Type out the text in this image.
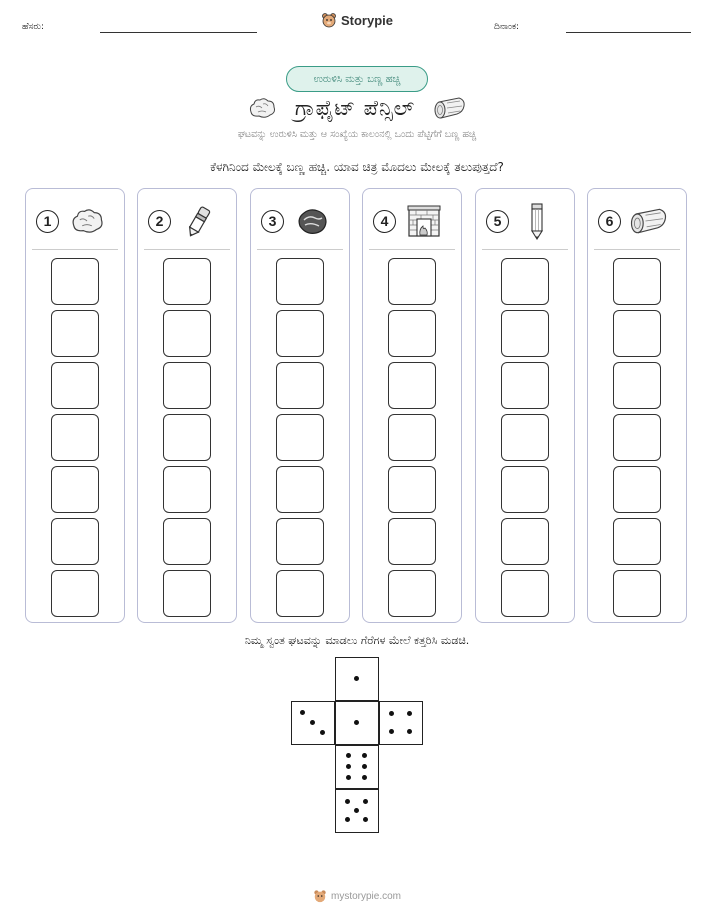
ಹೆಸರು:	Storypie	ದಿನಾಂಕ:
ಉರುಳಿಸಿ ಮತ್ತು ಬಣ್ಣ ಹಚ್ಚಿ
ಗ್ರಾಫೈಟ್ ಪೆನ್ಸಿಲ್
ಘಟವನ್ನು ಉರುಳಿಸಿ ಮತ್ತು ಆ ಸಂಖ್ಯೆಯ ಕಾಲಂನಲ್ಲಿ ಒಂದು ಪೆಟ್ಟಿಗೆಗೆ ಬಣ್ಣ ಹಚ್ಚಿ
ಕೆಳಗಿನಿಂದ ಮೇಲಕ್ಕೆ ಬಣ್ಣ ಹಚ್ಚಿ. ಯಾವ ಚಿತ್ರ ಮೊದಲು ಮೇಲಕ್ಕೆ ತಲುಪುತ್ತದೆ?
1	2	3	4	5	6
ನಿಮ್ಮ ಸ್ವಂತ ಘಟವನ್ನು ಮಾಡಲು ಗೆರೆಗಳ ಮೇಲೆ ಕತ್ತರಿಸಿ ಮಡಚಿ.
mystorypie.com
